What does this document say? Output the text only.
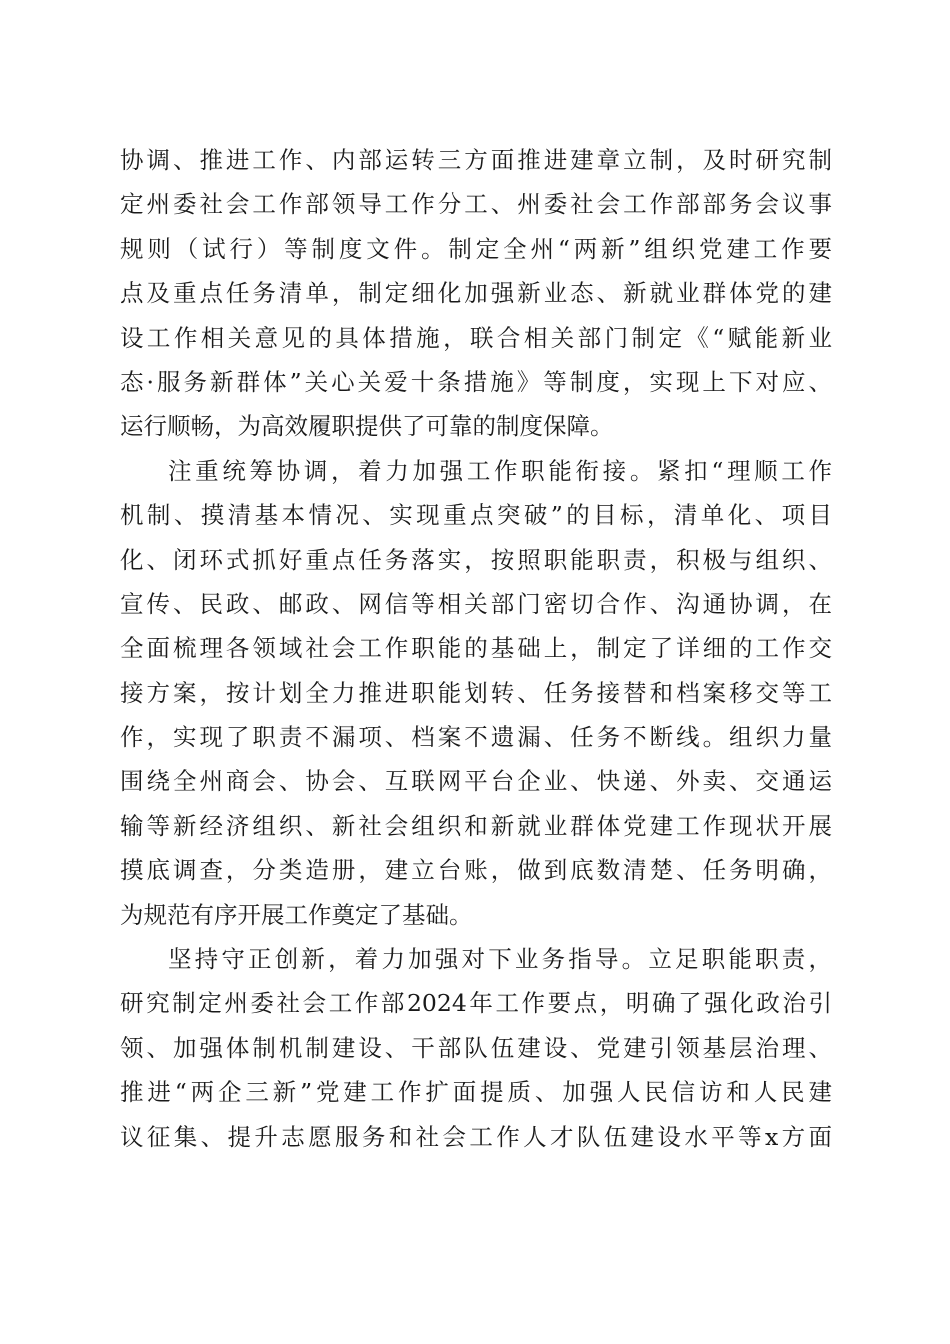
协调、推进工作、内部运转三方面推进建章立制，及时研究制
定州委社会工作部领导工作分工、州委社会工作部部务会议事
规则（试行）等制度文件。制定全州“两新”组织党建工作要
点及重点任务清单，制定细化加强新业态、新就业群体党的建
设工作相关意见的具体措施，联合相关部门制定《“赋能新业
态·服务新群体”关心关爱十条措施》等制度，实现上下对应、
运行顺畅，为高效履职提供了可靠的制度保障。
注重统筹协调，着力加强工作职能衔接。紧扣“理顺工作
机制、摸清基本情况、实现重点突破”的目标，清单化、项目
化、闭环式抓好重点任务落实，按照职能职责，积极与组织、
宣传、民政、邮政、网信等相关部门密切合作、沟通协调，在
全面梳理各领域社会工作职能的基础上，制定了详细的工作交
接方案，按计划全力推进职能划转、任务接替和档案移交等工
作，实现了职责不漏项、档案不遗漏、任务不断线。组织力量
围绕全州商会、协会、互联网平台企业、快递、外卖、交通运
输等新经济组织、新社会组织和新就业群体党建工作现状开展
摸底调查，分类造册，建立台账，做到底数清楚、任务明确，
为规范有序开展工作奠定了基础。
坚持守正创新，着力加强对下业务指导。立足职能职责，
研究制定州委社会工作部2024年工作要点，明确了强化政治引
领、加强体制机制建设、干部队伍建设、党建引领基层治理、
推进“两企三新”党建工作扩面提质、加强人民信访和人民建
议征集、提升志愿服务和社会工作人才队伍建设水平等x方面
